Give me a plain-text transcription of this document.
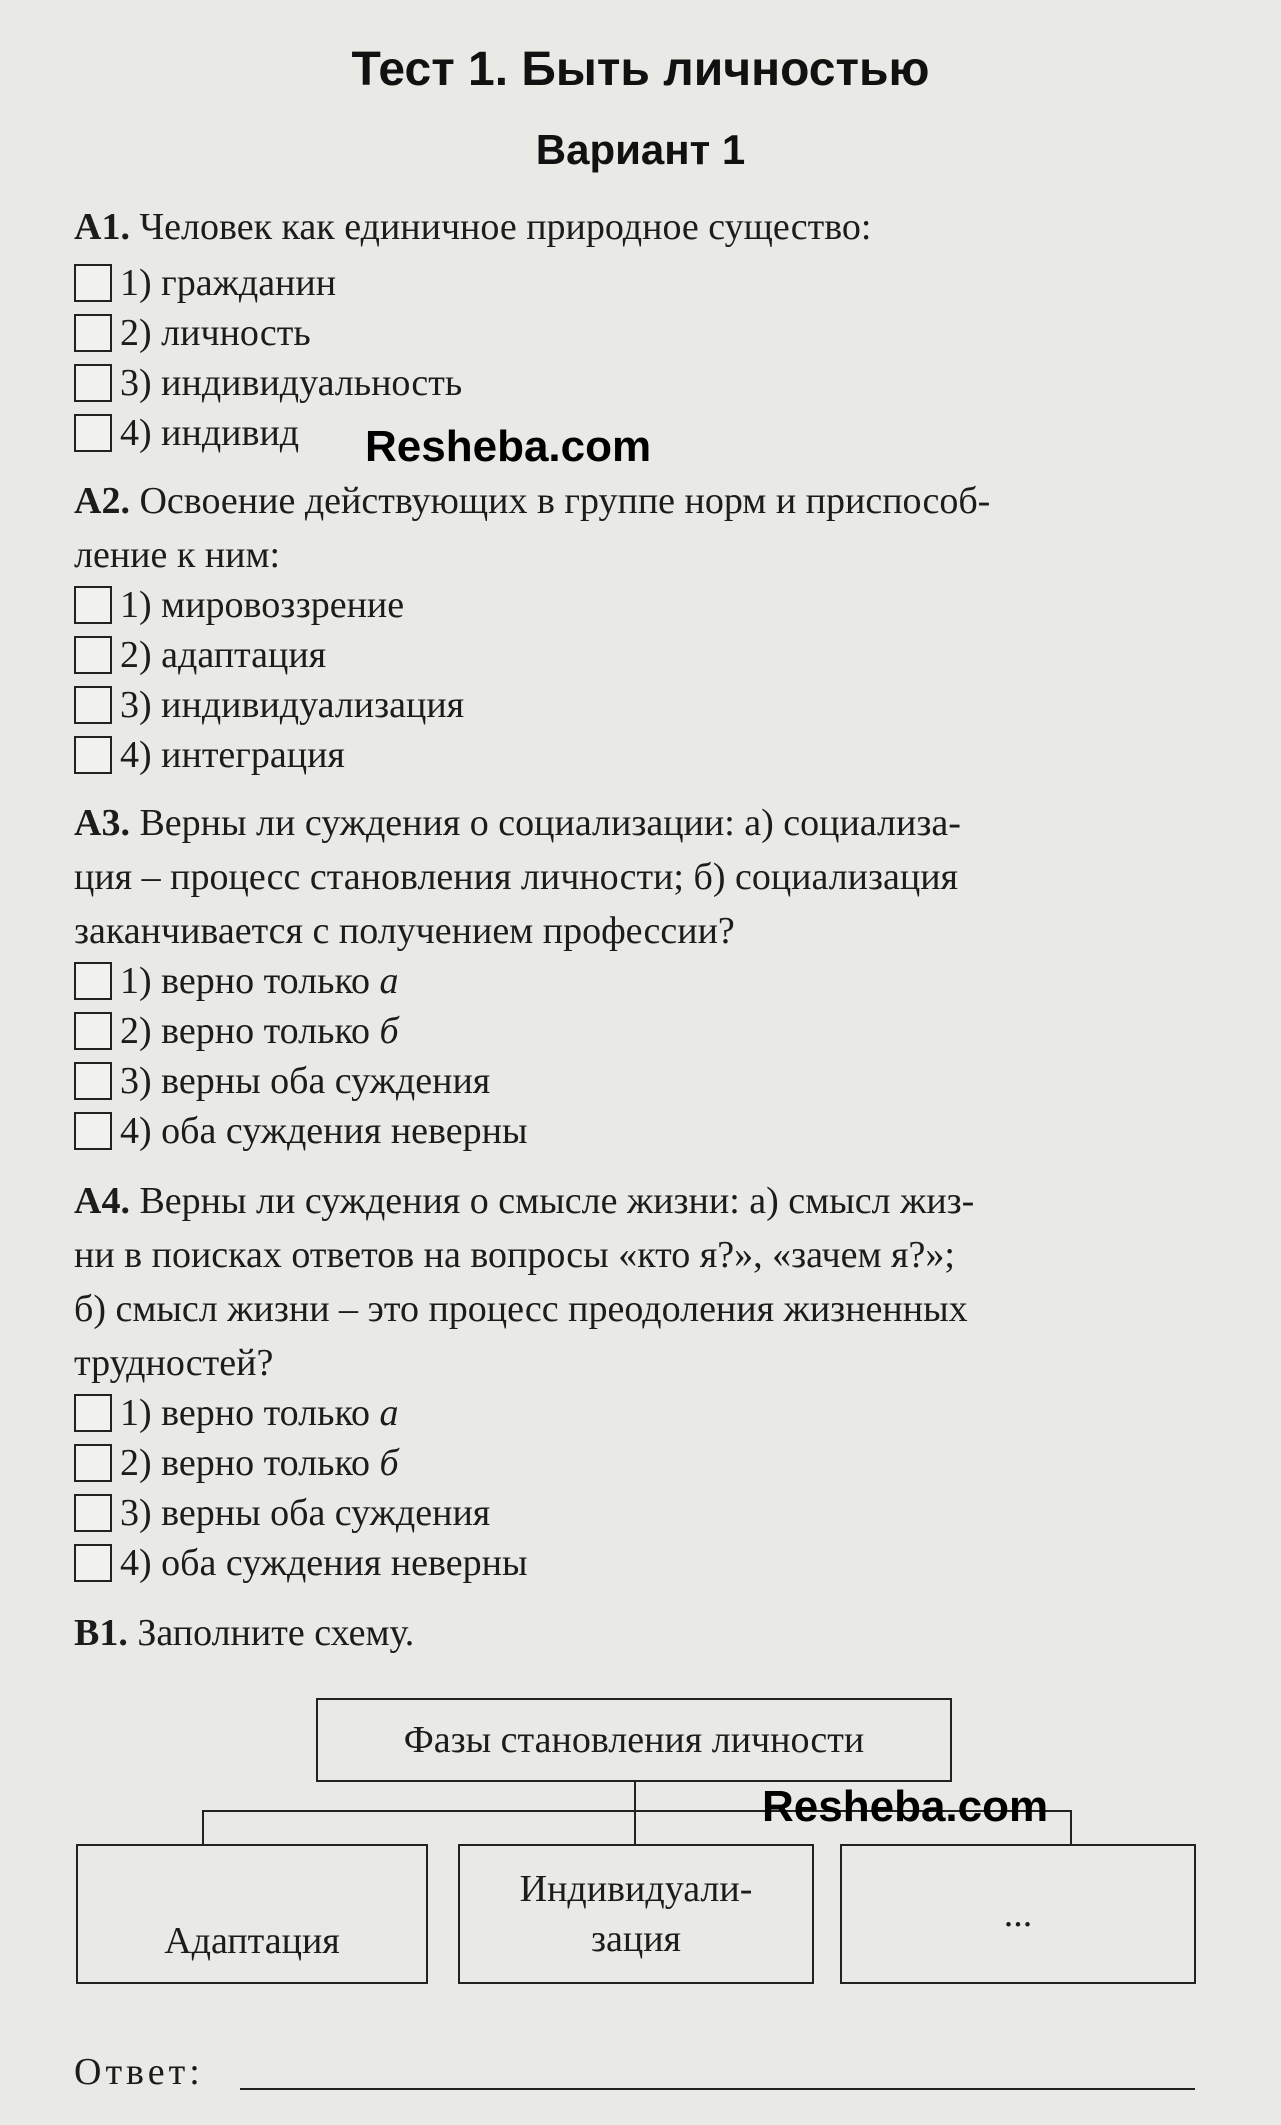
Тест 1. Быть личностью
Вариант 1
А1. Человек как единичное природное существо:
1) гражданин
2) личность
3) индивидуальность
4) индивид Resheba.com
А2. Освоение действующих в группе норм и приспособ-
ление к ним:
1) мировоззрение
2) адаптация
3) индивидуализация
4) интеграция
А3. Верны ли суждения о социализации: а) социализа-
ция – процесс становления личности; б) социализация
заканчивается с получением профессии?
1) верно только а
2) верно только б
3) верны оба суждения
4) оба суждения неверны
А4. Верны ли суждения о смысле жизни: а) смысл жиз-
ни в поисках ответов на вопросы «кто я?», «зачем я?»;
б) смысл жизни – это процесс преодоления жизненных
трудностей?
1) верно только а
2) верно только б
3) верны оба суждения
4) оба суждения неверны
В1. Заполните схему.
Фазы становления личности
Адаптация
Индивидуали-
зация
...
Resheba.com
Ответ:
